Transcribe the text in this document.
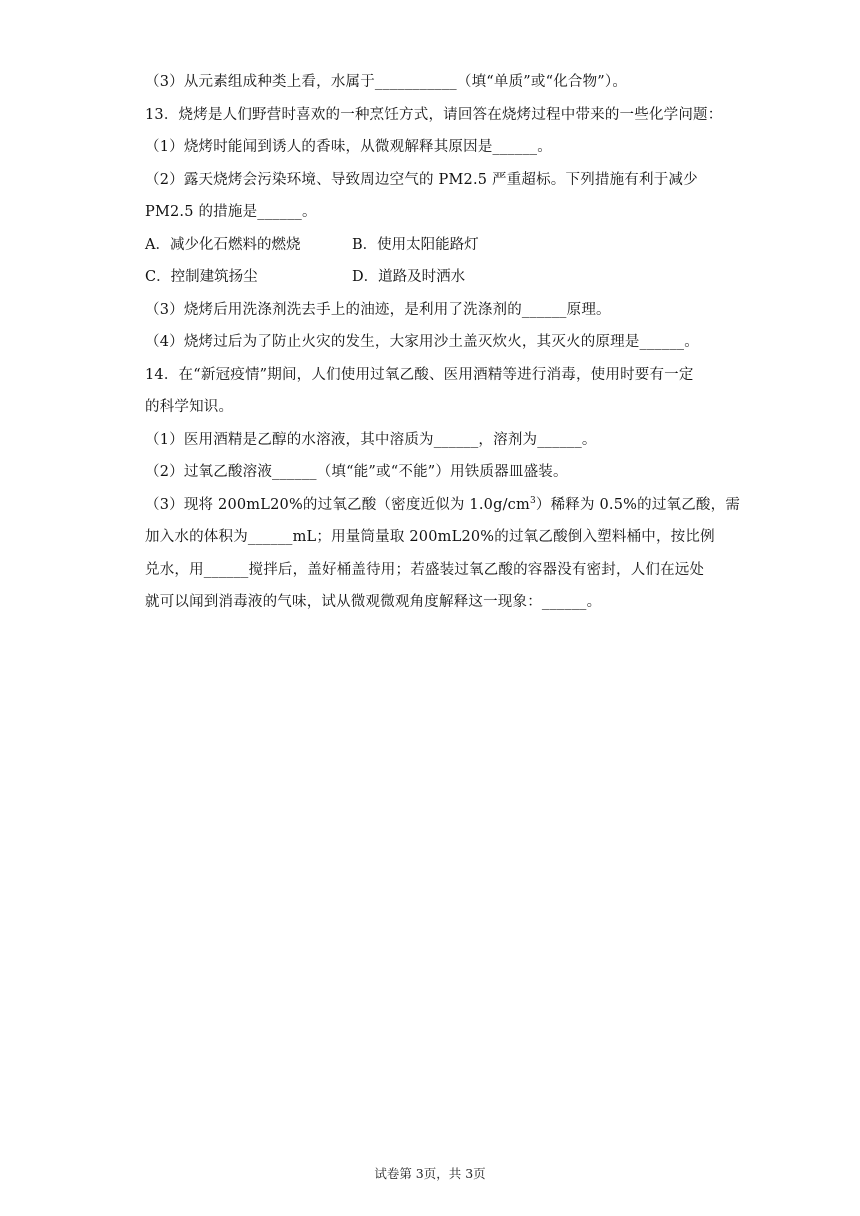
（3）从元素组成种类上看，水属于___________（填“单质”或“化合物”）。
13．烧烤是人们野营时喜欢的一种烹饪方式，请回答在烧烤过程中带来的一些化学问题：
（1）烧烤时能闻到诱人的香味，从微观解释其原因是______。
（2）露天烧烤会污染环境、导致周边空气的 PM2.5 严重超标。下列措施有利于减少
PM2.5 的措施是______。
A．减少化石燃料的燃烧	B．使用太阳能路灯
C．控制建筑扬尘	D．道路及时洒水
（3）烧烤后用洗涤剂洗去手上的油迹，是利用了洗涤剂的______原理。
（4）烧烤过后为了防止火灾的发生，大家用沙土盖灭炊火，其灭火的原理是______。
14．在“新冠疫情”期间，人们使用过氧乙酸、医用酒精等进行消毒，使用时要有一定
的科学知识。
（1）医用酒精是乙醇的水溶液，其中溶质为______，溶剂为______。
（2）过氧乙酸溶液______（填“能”或“不能”）用铁质器皿盛装。
（3）现将 200mL20%的过氧乙酸（密度近似为 $1.0g/cm^3$）稀释为 0.5%的过氧乙酸，需
加入水的体积为______mL；用量筒量取 200mL20%的过氧乙酸倒入塑料桶中，按比例
兑水，用______搅拌后，盖好桶盖待用；若盛装过氧乙酸的容器没有密封，人们在远处
就可以闻到消毒液的气味，试从微观微观角度解释这一现象：______。
试卷第 3页，共 3页
